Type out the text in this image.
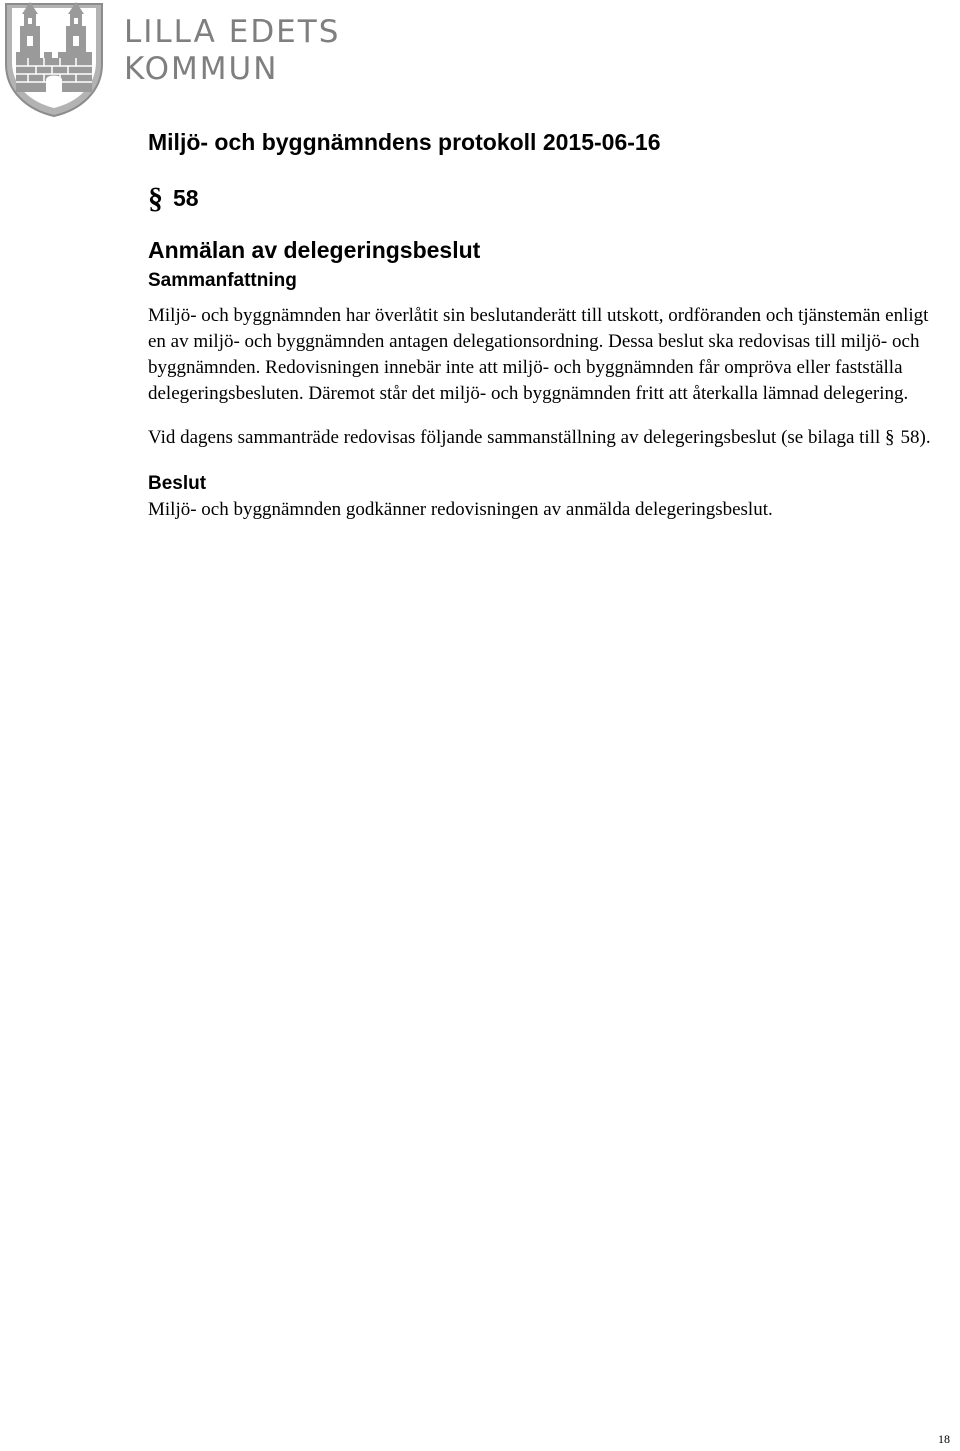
LILLA EDETS
KOMMUN
Miljö- och byggnämndens protokoll 2015-06-16
§ 58
Anmälan av delegeringsbeslut
Sammanfattning

Miljö- och byggnämnden har överlåtit sin beslutanderätt till utskott, ordföranden och tjänstemän enligt en av miljö- och byggnämnden antagen delegationsordning. Dessa beslut ska redovisas till miljö- och byggnämnden. Redovisningen innebär inte att miljö- och byggnämnden får ompröva eller fastställa delegeringsbesluten. Däremot står det miljö- och byggnämnden fritt att återkalla lämnad delegering.

Vid dagens sammanträde redovisas följande sammanställning av delegeringsbeslut (se bilaga till § 58).

Beslut

Miljö- och byggnämnden godkänner redovisningen av anmälda delegeringsbeslut.

18
